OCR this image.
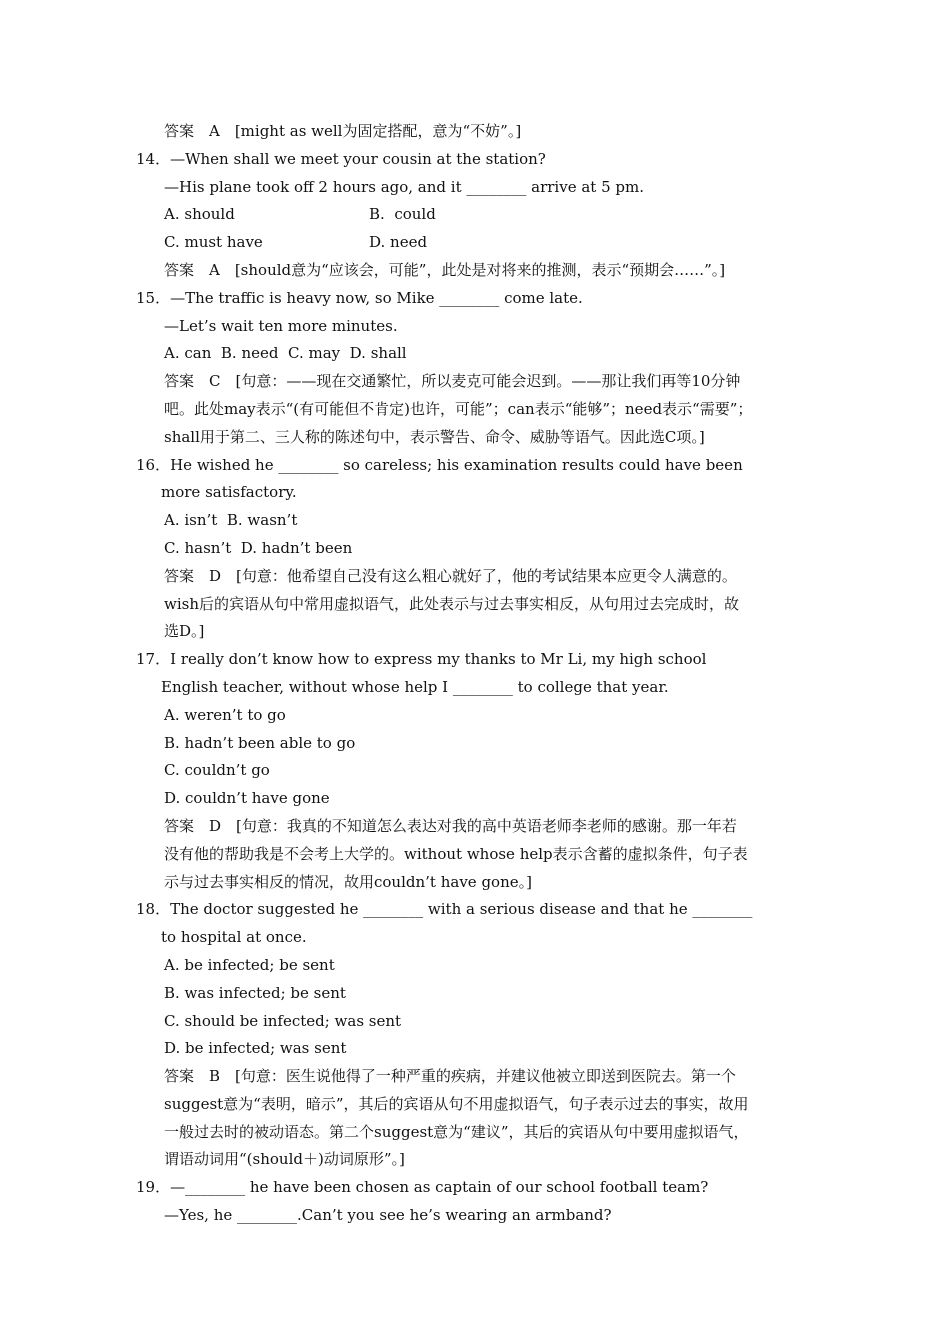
答案　A　[might as well为固定搭配，意为“不妨”。]
14．—When shall we meet your cousin at the station?
—His plane took off 2 hours ago, and it ________ arrive at 5 pm.
A. should	B.  could
C. must have	D. need
答案　A　[should意为“应该会，可能”，此处是对将来的推测，表示“预期会……”。]
15．—The traffic is heavy now, so Mike ________ come late.
—Let’s wait ten more minutes.
A. can  B. need  C. may  D. shall
答案　C　[句意：——现在交通繁忙，所以麦克可能会迟到。——那让我们再等10分钟
吧。此处may表示“(有可能但不肯定)也许，可能”；can表示“能够”；need表示“需要”；
shall用于第二、三人称的陈述句中，表示警告、命令、威胁等语气。因此选C项。]
16．He wished he ________ so careless; his examination results could have been
more satisfactory.
A. isn’t  B. wasn’t
C. hasn’t  D. hadn’t been
答案　D　[句意：他希望自己没有这么粗心就好了，他的考试结果本应更令人满意的。
wish后的宾语从句中常用虚拟语气，此处表示与过去事实相反，从句用过去完成时，故
选D。]
17．I really don’t know how to express my thanks to Mr Li, my high school
English teacher, without whose help I ________ to college that year.
A. weren’t to go
B. hadn’t been able to go
C. couldn’t go
D. couldn’t have gone
答案　D　[句意：我真的不知道怎么表达对我的高中英语老师李老师的感谢。那一年若
没有他的帮助我是不会考上大学的。without whose help表示含蓄的虚拟条件，句子表
示与过去事实相反的情况，故用couldn’t have gone。]
18．The doctor suggested he ________ with a serious disease and that he ________
to hospital at once.
A. be infected; be sent
B. was infected; be sent
C. should be infected; was sent
D. be infected; was sent
答案　B　[句意：医生说他得了一种严重的疾病，并建议他被立即送到医院去。第一个
suggest意为“表明，暗示”，其后的宾语从句不用虚拟语气，句子表示过去的事实，故用
一般过去时的被动语态。第二个suggest意为“建议”，其后的宾语从句中要用虚拟语气，
谓语动词用“(should＋)动词原形”。]
19．—________ he have been chosen as captain of our school football team?
—Yes, he ________.Can’t you see he’s wearing an armband?
